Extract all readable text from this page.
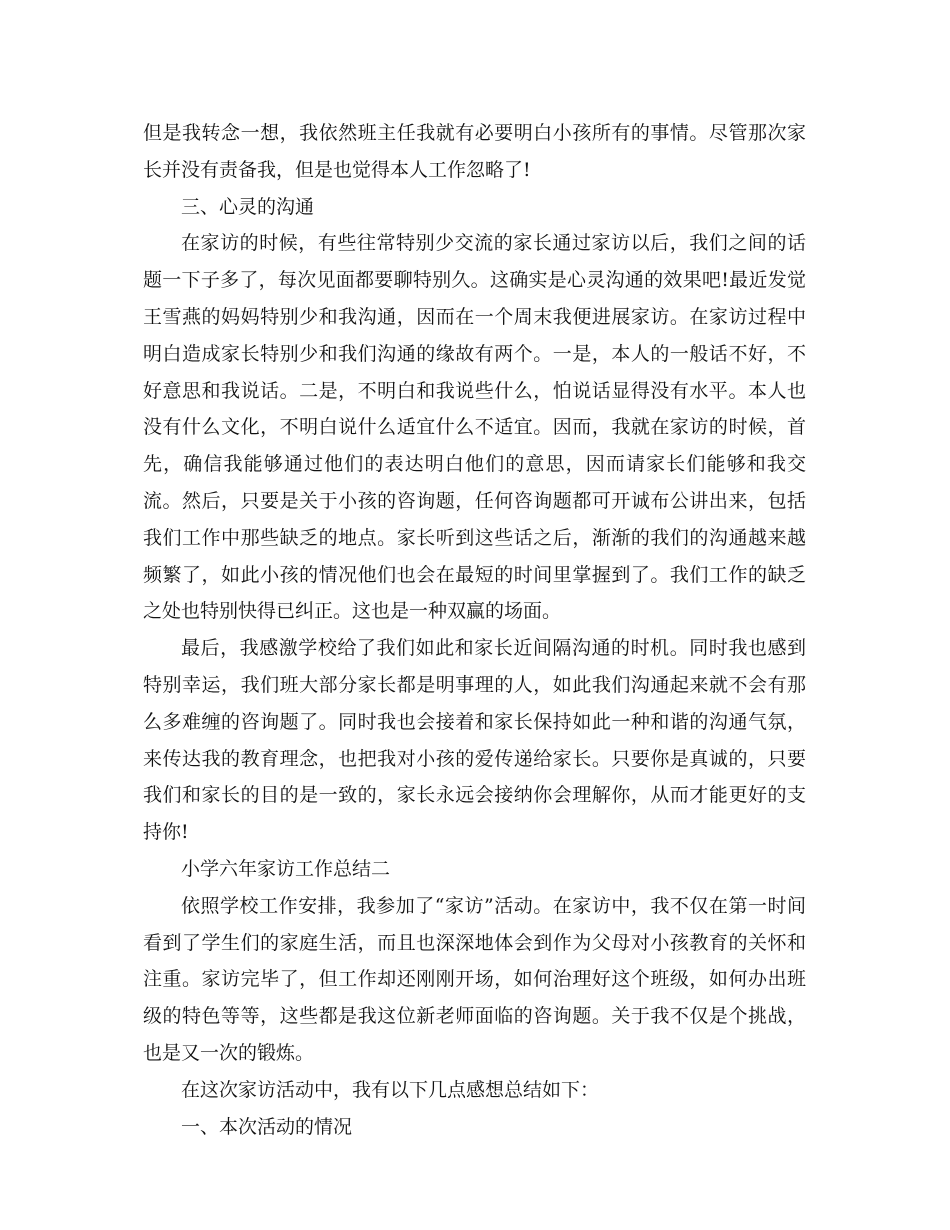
但是我转念一想，我依然班主任我就有必要明白小孩所有的事情。尽管那次家长并没有责备我，但是也觉得本人工作忽略了!

三、心灵的沟通

在家访的时候，有些往常特别少交流的家长通过家访以后，我们之间的话题一下子多了，每次见面都要聊特别久。这确实是心灵沟通的效果吧!最近发觉王雪燕的妈妈特别少和我沟通，因而在一个周末我便进展家访。在家访过程中明白造成家长特别少和我们沟通的缘故有两个。一是，本人的一般话不好，不好意思和我说话。二是，不明白和我说些什么，怕说话显得没有水平。本人也没有什么文化，不明白说什么适宜什么不适宜。因而，我就在家访的时候，首先，确信我能够通过他们的表达明白他们的意思，因而请家长们能够和我交流。然后，只要是关于小孩的咨询题，任何咨询题都可开诚布公讲出来，包括我们工作中那些缺乏的地点。家长听到这些话之后，渐渐的我们的沟通越来越频繁了，如此小孩的情况他们也会在最短的时间里掌握到了。我们工作的缺乏之处也特别快得已纠正。这也是一种双赢的场面。

最后，我感激学校给了我们如此和家长近间隔沟通的时机。同时我也感到特别幸运，我们班大部分家长都是明事理的人，如此我们沟通起来就不会有那么多难缠的咨询题了。同时我也会接着和家长保持如此一种和谐的沟通气氛，来传达我的教育理念，也把我对小孩的爱传递给家长。只要你是真诚的，只要我们和家长的目的是一致的，家长永远会接纳你会理解你，从而才能更好的支持你!

小学六年家访工作总结二

依照学校工作安排，我参加了“家访”活动。在家访中，我不仅在第一时间看到了学生们的家庭生活，而且也深深地体会到作为父母对小孩教育的关怀和注重。家访完毕了，但工作却还刚刚开场，如何治理好这个班级，如何办出班级的特色等等，这些都是我这位新老师面临的咨询题。关于我不仅是个挑战，也是又一次的锻炼。

在这次家访活动中，我有以下几点感想总结如下：

一、本次活动的情况
